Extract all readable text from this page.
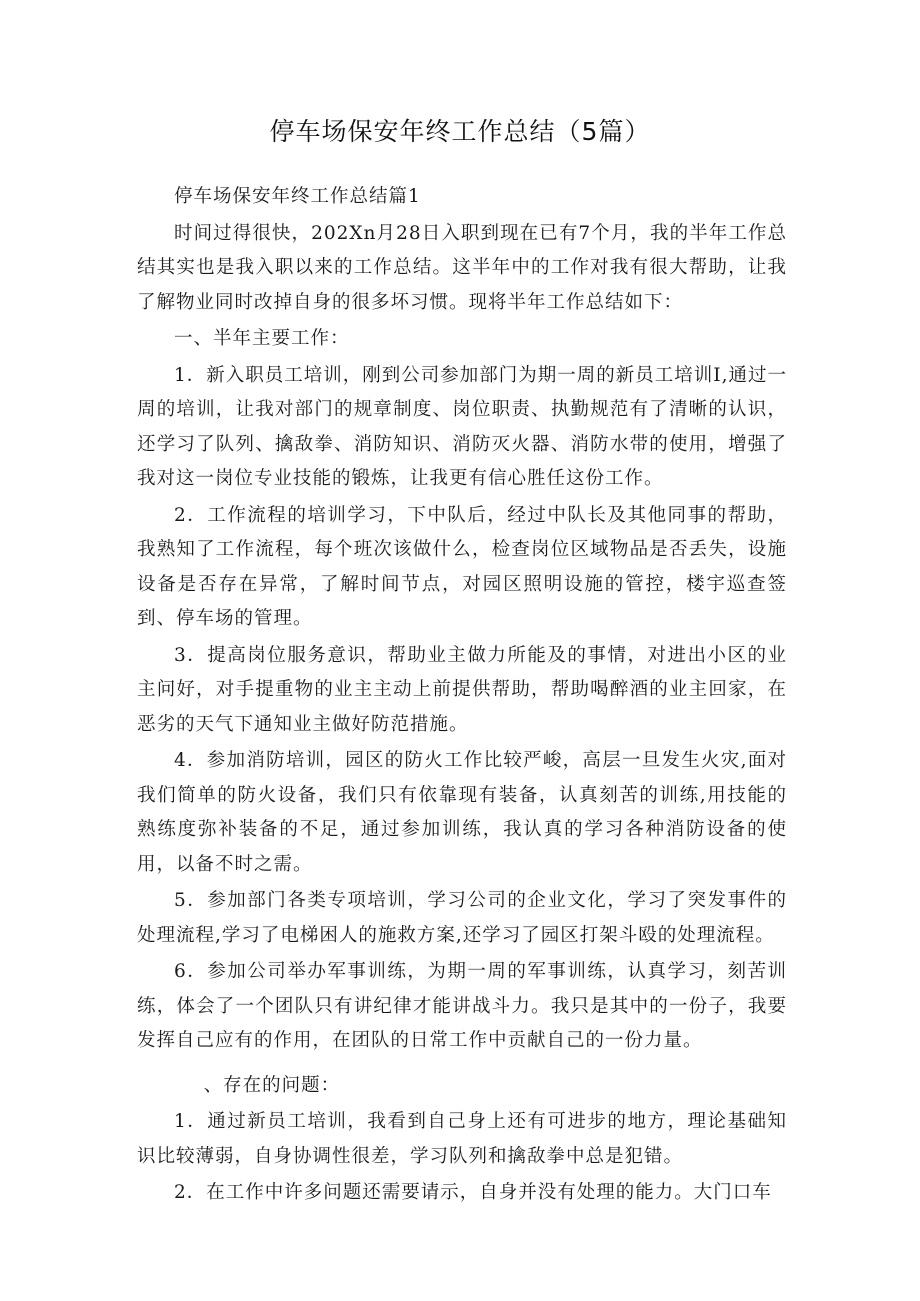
停车场保安年终工作总结（5篇）

停车场保安年终工作总结篇1

时间过得很快，202Xn月28日入职到现在已有7个月，我的半年工作总结其实也是我入职以来的工作总结。这半年中的工作对我有很大帮助，让我了解物业同时改掉自身的很多坏习惯。现将半年工作总结如下：

一、半年主要工作：

1．新入职员工培训，刚到公司参加部门为期一周的新员工培训I,通过一周的培训，让我对部门的规章制度、岗位职责、执勤规范有了清晰的认识，还学习了队列、擒敌拳、消防知识、消防灭火器、消防水带的使用，增强了我对这一岗位专业技能的锻炼，让我更有信心胜任这份工作。

2．工作流程的培训学习，下中队后，经过中队长及其他同事的帮助，我熟知了工作流程，每个班次该做什么，检查岗位区域物品是否丢失，设施设备是否存在异常，了解时间节点，对园区照明设施的管控，楼宇巡查签到、停车场的管理。

3．提高岗位服务意识，帮助业主做力所能及的事情，对进出小区的业主问好，对手提重物的业主主动上前提供帮助，帮助喝醉酒的业主回家，在恶劣的天气下通知业主做好防范措施。

4．参加消防培训，园区的防火工作比较严峻，高层一旦发生火灾,面对我们简单的防火设备，我们只有依靠现有装备，认真刻苦的训练,用技能的熟练度弥补装备的不足，通过参加训练，我认真的学习各种消防设备的使用，以备不时之需。

5．参加部门各类专项培训，学习公司的企业文化，学习了突发事件的处理流程,学习了电梯困人的施救方案,还学习了园区打架斗殴的处理流程。

6．参加公司举办军事训练，为期一周的军事训练，认真学习，刻苦训练，体会了一个团队只有讲纪律才能讲战斗力。我只是其中的一份子，我要发挥自己应有的作用，在团队的日常工作中贡献自己的一份力量。

、存在的问题：

1．通过新员工培训，我看到自己身上还有可进步的地方，理论基础知识比较薄弱，自身协调性很差，学习队列和擒敌拳中总是犯错。

2．在工作中许多问题还需要请示，自身并没有处理的能力。大门口车
